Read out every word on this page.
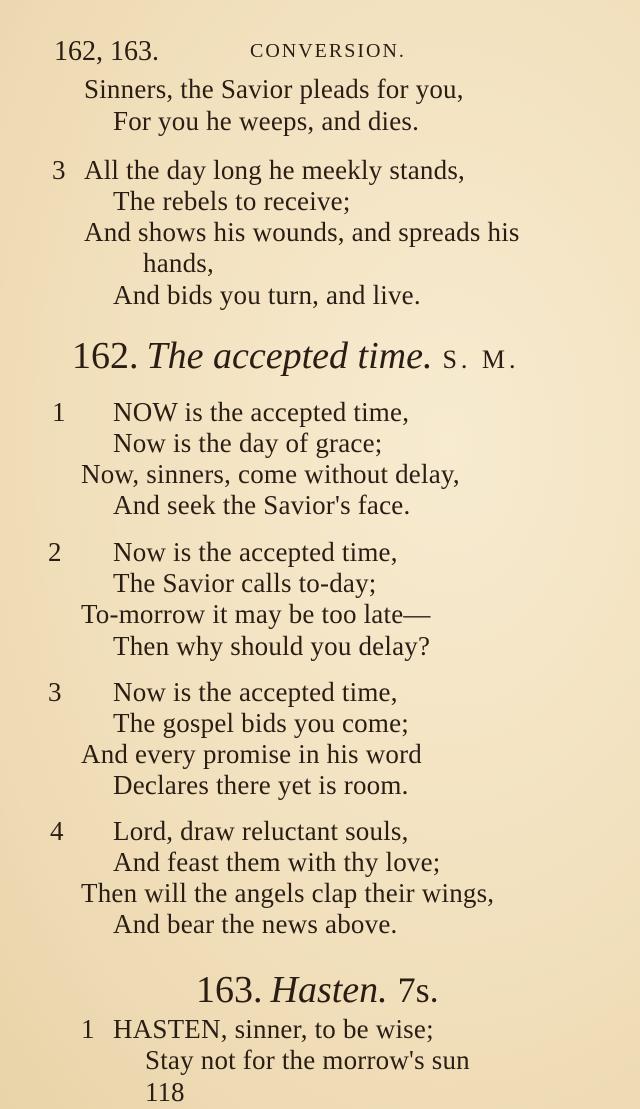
162, 163.	CONVERSION.
Sinners, the Savior pleads for you,
For you he weeps, and dies.
3 All the day long he meekly stands,
The rebels to receive;
And shows his wounds, and spreads his
hands,
And bids you turn, and live.
162. The accepted time. S. M.
1 NOW is the accepted time,
Now is the day of grace;
Now, sinners, come without delay,
And seek the Savior's face.
2 Now is the accepted time,
The Savior calls to-day;
To-morrow it may be too late—
Then why should you delay?
3 Now is the accepted time,
The gospel bids you come;
And every promise in his word
Declares there yet is room.
4 Lord, draw reluctant souls,
And feast them with thy love;
Then will the angels clap their wings,
And bear the news above.
163. Hasten. 7s.
1 HASTEN, sinner, to be wise;
Stay not for the morrow's sun
118
